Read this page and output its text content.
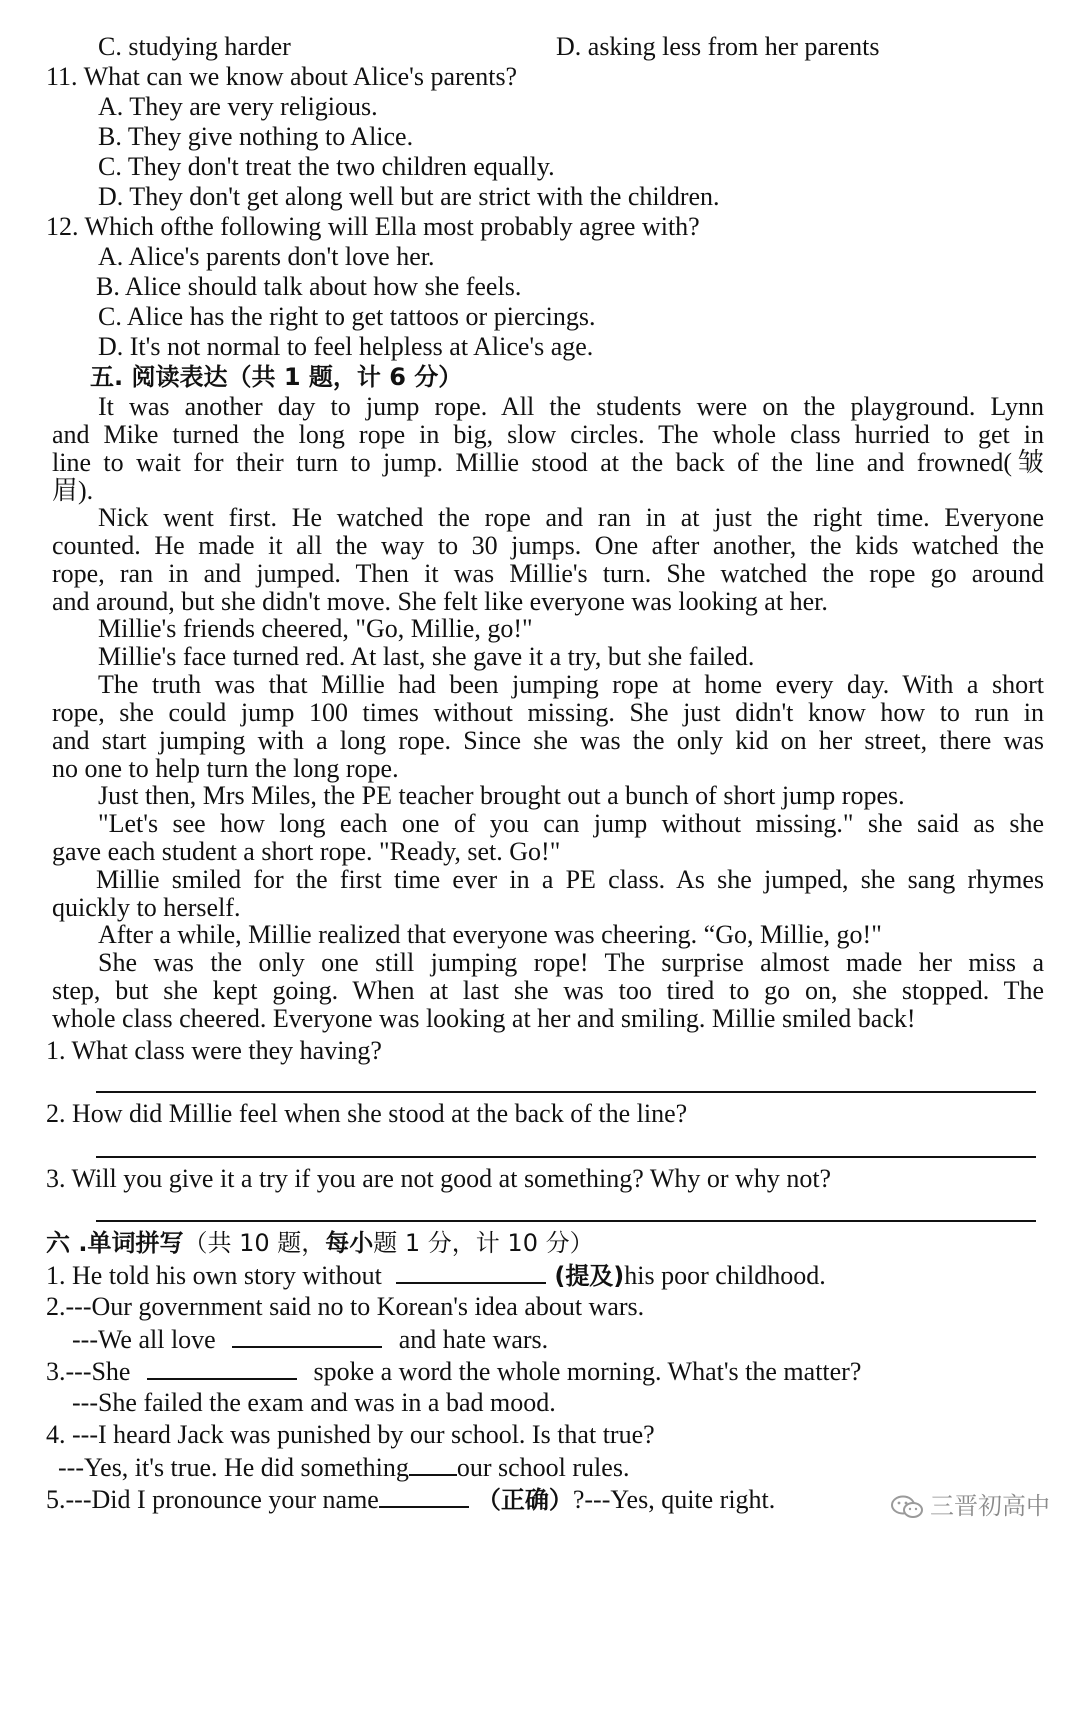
C. studying harder	D. asking less from her parents
11. What can we know about Alice's parents?
A. They are very religious.
B. They give nothing to Alice.
C. They don't treat the two children equally.
D. They don't get along well but are strict with the children.
12. Which ofthe following will Ella most probably agree with?
A. Alice's parents don't love her.
B. Alice should talk about how she feels.
C. Alice has the right to get tattoos or piercings.
D. It's not normal to feel helpless at Alice's age.
五. 阅读表达（共 1 题，计 6 分）
It was another day to jump rope. All the students were on the playground. Lynn
and Mike turned the long rope in big, slow circles. The whole class hurried to get in
line to wait for their turn to jump. Millie stood at the back of the line and frowned(皱
眉).
Nick went first. He watched the rope and ran in at just the right time. Everyone
counted. He made it all the way to 30 jumps. One after another, the kids watched the
rope, ran in and jumped. Then it was Millie's turn. She watched the rope go around
and around, but she didn't move. She felt like everyone was looking at her.
Millie's friends cheered, "Go, Millie, go!"
Millie's face turned red. At last, she gave it a try, but she failed.
The truth was that Millie had been jumping rope at home every day. With a short
rope, she could jump 100 times without missing. She just didn't know how to run in
and start jumping with a long rope. Since she was the only kid on her street, there was
no one to help turn the long rope.
Just then, Mrs Miles, the PE teacher brought out a bunch of short jump ropes.
"Let's see how long each one of you can jump without missing." she said as she
gave each student a short rope. "Ready, set. Go!"
Millie smiled for the first time ever in a PE class. As she jumped, she sang rhymes
quickly to herself.
After a while, Millie realized that everyone was cheering. “Go, Millie, go!"
She was the only one still jumping rope! The surprise almost made her miss a
step, but she kept going. When at last she was too tired to go on, she stopped. The
whole class cheered. Everyone was looking at her and smiling. Millie smiled back!
1. What class were they having?
2. How did Millie feel when she stood at the back of the line?
3. Will you give it a try if you are not good at something? Why or why not?
六 .单词拼写（共 10 题，每小题 1 分，计 10 分）
1. He told his own story without	(提及)his poor childhood.
2.---Our government said no to Korean's idea about wars.
---We all love	and hate wars.
3.---She	spoke a word the whole morning. What's the matter?
---She failed the exam and was in a bad mood.
4. ---I heard Jack was punished by our school. Is that true?
---Yes, it's true. He did something our school rules.
5.---Did I pronounce your name	（正确）?---Yes, quite right.	三晋初高中
